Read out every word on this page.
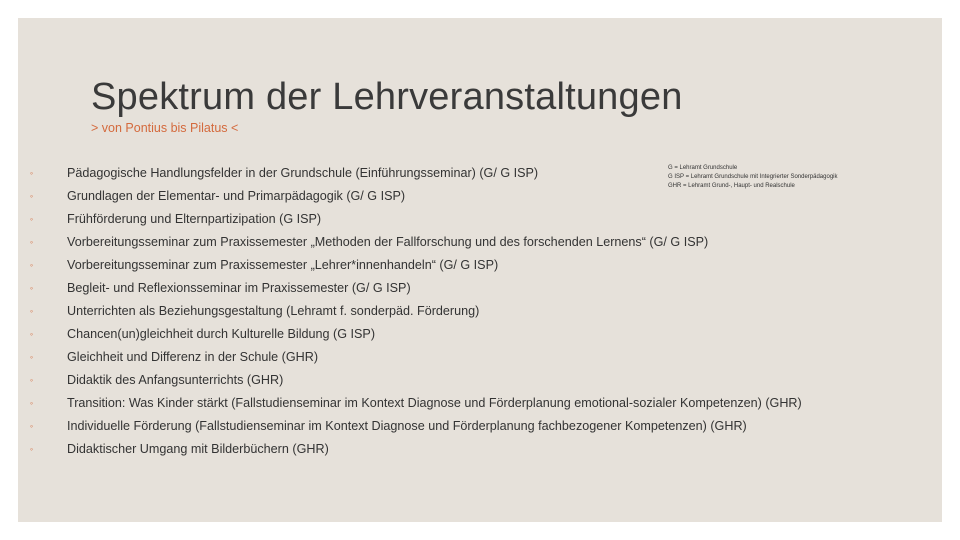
Spektrum der Lehrveranstaltungen
> von Pontius bis Pilatus <
G = Lehramt Grundschule
G ISP = Lehramt Grundschule mit Integrierter Sonderpädagogik
GHR = Lehramt Grund-, Haupt- und Realschule
◦	Pädagogische Handlungsfelder in der Grundschule (Einführungsseminar) (G/ G ISP)
◦	Grundlagen der Elementar- und Primarpädagogik (G/ G ISP)
◦	Frühförderung und Elternpartizipation (G ISP)
◦	Vorbereitungsseminar zum Praxissemester „Methoden der Fallforschung und des forschenden Lernens“ (G/ G ISP)
◦	Vorbereitungsseminar zum Praxissemester „Lehrer*innenhandeln“ (G/ G ISP)
◦	Begleit- und Reflexionsseminar im Praxissemester (G/ G ISP)
◦	Unterrichten als Beziehungsgestaltung (Lehramt f. sonderpäd. Förderung)
◦	Chancen(un)gleichheit durch Kulturelle Bildung (G ISP)
◦	Gleichheit und Differenz in der Schule (GHR)
◦	Didaktik des Anfangsunterrichts (GHR)
◦	Transition: Was Kinder stärkt (Fallstudienseminar im Kontext Diagnose und Förderplanung emotional-sozialer Kompetenzen) (GHR)
◦	Individuelle Förderung (Fallstudienseminar im Kontext Diagnose und Förderplanung fachbezogener Kompetenzen) (GHR)
◦	Didaktischer Umgang mit Bilderbüchern (GHR)
